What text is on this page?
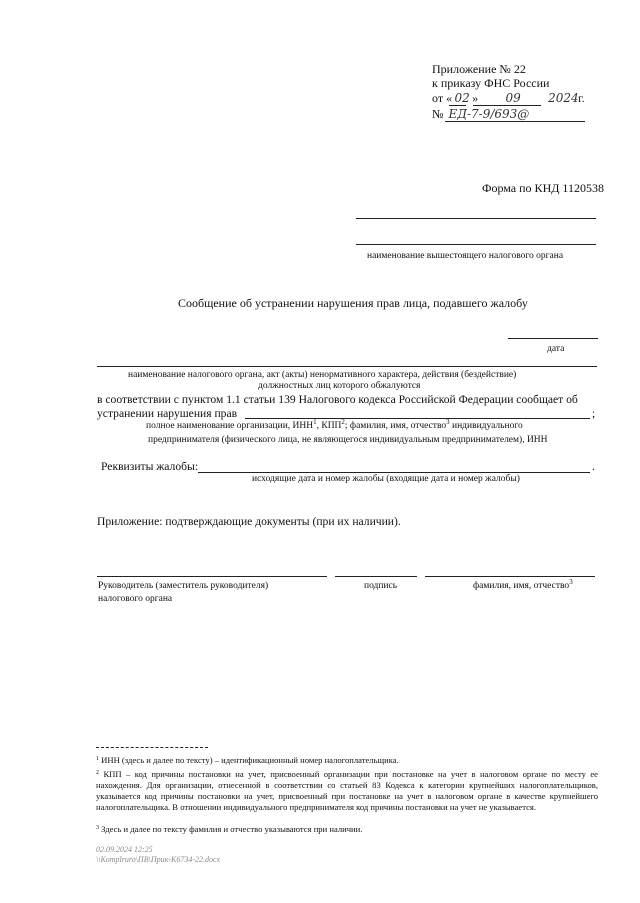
Приложение № 22
к приказу ФНС России
от « 02 » 09 2024г.
№ ЕД-7-9/693@
Форма по КНД 1120538
наименование вышестоящего налогового органа
Сообщение об устранении нарушения прав лица, подавшего жалобу
дата
наименование налогового органа, акт (акты) ненормативного характера, действия (бездействие)
должностных лиц которого обжалуются
в соответствии с пунктом 1.1 статьи 139 Налогового кодекса Российской Федерации сообщает об
устранении нарушения прав	;
полное наименование организации, ИНН$^1$, КПП$^2$; фамилия, имя, отчество$^3$ индивидуального
предпринимателя (физического лица, не являющегося индивидуальным предпринимателем), ИНН
Реквизиты жалобы:	.
исходящие дата и номер жалобы (входящие дата и номер жалобы)
Приложение: подтверждающие документы (при их наличии).
Руководитель (заместитель руководителя)
налогового органа
подпись	фамилия, имя, отчество$^3$
$^1$ ИНН (здесь и далее по тексту) – идентификационный номер налогоплательщика.
$^2$ КПП – код причины постановки на учет, присвоенный организации при постановке на учет в налоговом органе по месту ее нахождения. Для организации, отнесенной в соответствии со статьей 83 Кодекса к категории крупнейших налогоплательщиков, указывается код причины постановки на учет, присвоенный при постановке на учет в налоговом органе в качестве крупнейшего налогоплательщика. В отношении индивидуального предпринимателя код причины постановки на учет не указывается.
$^3$ Здесь и далее по тексту фамилия и отчество указываются при наличии.
02.09.2024 12:25
\\Komplruro\ПВ\Прик-К6734-22.docx
